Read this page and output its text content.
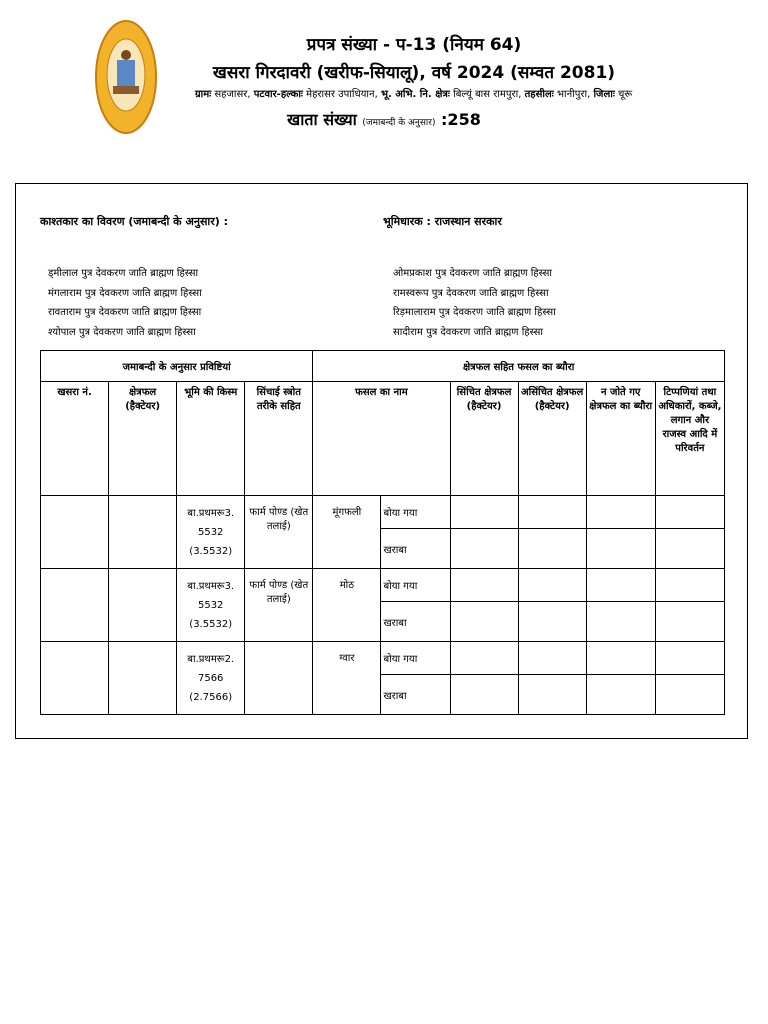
प्रपत्र संख्या - प-13 (नियम 64)
खसरा गिरदावरी (खरीफ-सियालू), वर्ष 2024 (सम्वत 2081)
ग्रामः सहजासर, पटवार-हल्काः मेहरासर उपाधियान, भू. अभि. नि. क्षेत्रः बिल्यूं बास रामपुरा, तहसीलः भानीपुरा, जिलाः चूरू
खाता संख्या (जमाबन्दी के अनुसार) :258
काश्तकार का विवरण (जमाबन्दी के अनुसार) :	भूमिधारक : राजस्थान सरकार
ड्मीलाल पुत्र देवकरण जाति ब्राह्मण हिस्सा
मंगलाराम पुत्र देवकरण जाति ब्राह्मण हिस्सा
रावताराम पुत्र देवकरण जाति ब्राह्मण हिस्सा
श्योपाल पुत्र देवकरण जाति ब्राह्मण हिस्सा
ओमप्रकाश पुत्र देवकरण जाति ब्राह्मण हिस्सा
रामस्वरूप पुत्र देवकरण जाति ब्राह्मण हिस्सा
रिड़मालाराम पुत्र देवकरण जाति ब्राह्मण हिस्सा
सादीराम पुत्र देवकरण जाति ब्राह्मण हिस्सा
जमाबन्दी के अनुसार प्रविष्टियां				क्षेत्रफल सहित फसल का ब्यौरा					
खसरा नं.	क्षेत्रफल (हैक्टेयर)	भूमि की किस्म	सिंचाई स्त्रोत तरीके सहित	फसल का नाम		सिंचित क्षेत्रफल (हैक्टेयर)	असिंचित क्षेत्रफल (हैक्टेयर)	न जोते गए क्षेत्रफल का ब्यौरा	टिप्पणियां तथा अधिकारों, कब्जे, लगान और राजस्व आदि में परिवर्तन
		बा.प्रथमरू3. 5532 (3.5532)	फार्म पोण्ड (खेत तलाई)	मूंगफली	बोया गया				
					खराबा				
		बा.प्रथमरू3. 5532 (3.5532)	फार्म पोण्ड (खेत तलाई)	मोठ	बोया गया				
					खराबा				
		बा.प्रथमरू2. 7566 (2.7566)		ग्वार	बोया गया				
					खराबा				
